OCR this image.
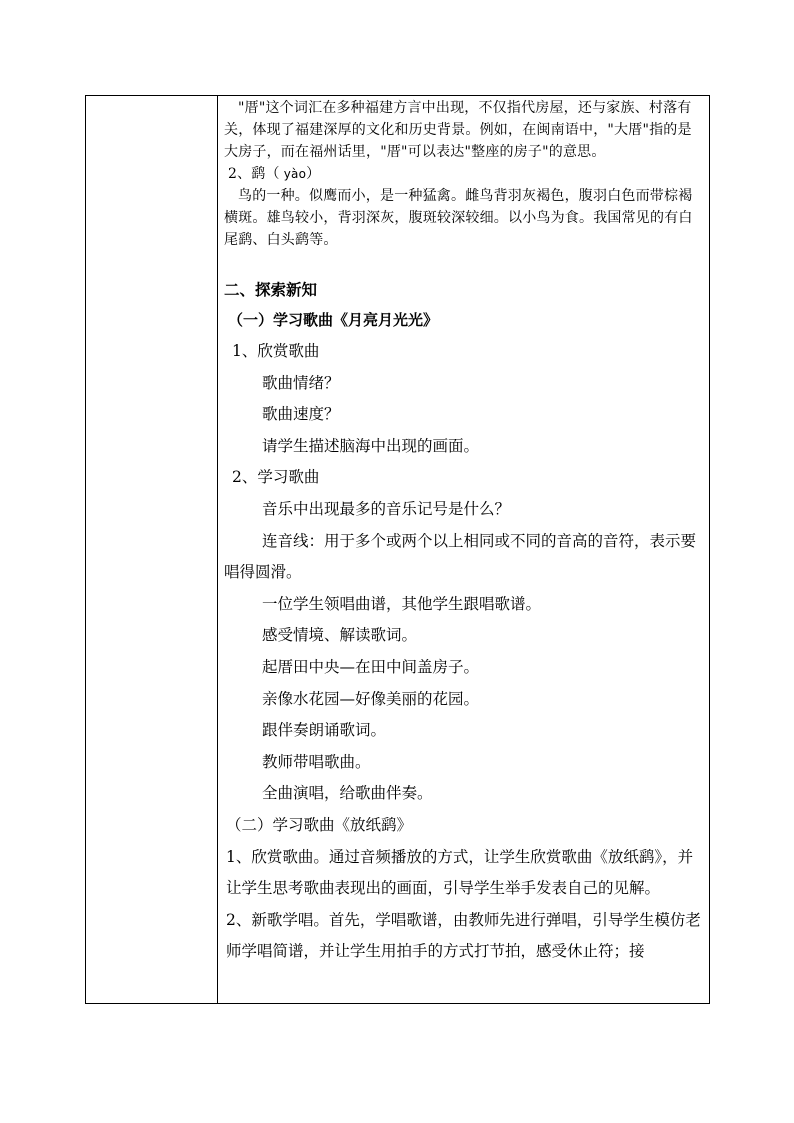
"厝"这个词汇在多种福建方言中出现，不仅指代房屋，还与家族、村落有关，体现了福建深厚的文化和历史背景。例如，在闽南语中，"大厝"指的是大房子，而在福州话里，"厝"可以表达"整座的房子"的意思。

2、鹞（ yào）

鸟的一种。似鹰而小，是一种猛禽。雌鸟背羽灰褐色，腹羽白色而带棕褐横斑。雄鸟较小，背羽深灰，腹斑较深较细。以小鸟为食。我国常见的有白尾鹞、白头鹞等。

二、探索新知

（一）学习歌曲《月亮月光光》

1、欣赏歌曲

歌曲情绪？

歌曲速度？

请学生描述脑海中出现的画面。

2、学习歌曲

音乐中出现最多的音乐记号是什么？

连音线：用于多个或两个以上相同或不同的音高的音符，表示要唱得圆滑。

一位学生领唱曲谱，其他学生跟唱歌谱。

感受情境、解读歌词。

起厝田中央—在田中间盖房子。

亲像水花园—好像美丽的花园。

跟伴奏朗诵歌词。

教师带唱歌曲。

全曲演唱，给歌曲伴奏。

（二）学习歌曲《放纸鹞》

1、欣赏歌曲。通过音频播放的方式，让学生欣赏歌曲《放纸鹞》，并让学生思考歌曲表现出的画面，引导学生举手发表自己的见解。

2、新歌学唱。首先，学唱歌谱，由教师先进行弹唱，引导学生模仿老师学唱简谱，并让学生用拍手的方式打节拍，感受休止符；接
